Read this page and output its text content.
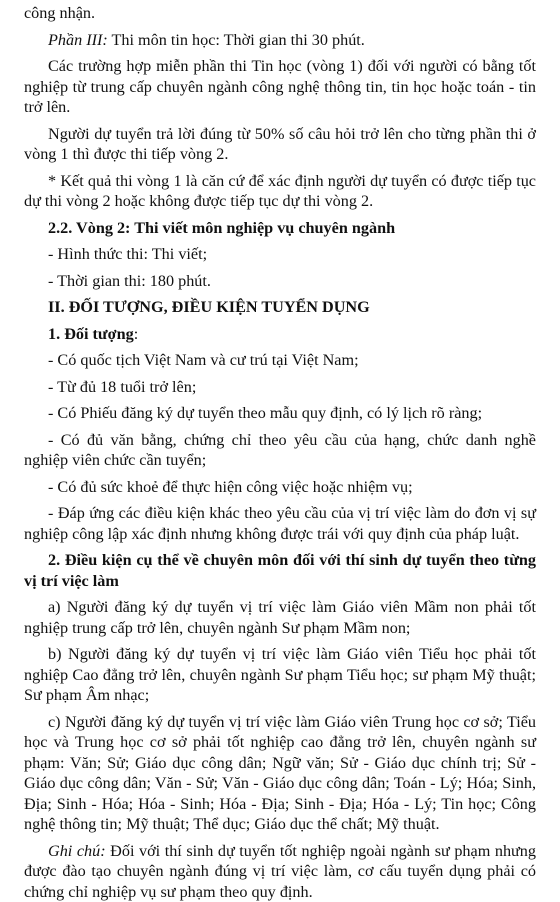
công nhận.

Phần III: Thi môn tin học: Thời gian thi 30 phút.

Các trường hợp miễn phần thi Tin học (vòng 1) đối với người có bằng tốt nghiệp từ trung cấp chuyên ngành công nghệ thông tin, tin học hoặc toán - tin trở lên.

Người dự tuyển trả lời đúng từ 50% số câu hỏi trở lên cho từng phần thi ở vòng 1 thì được thi tiếp vòng 2.

* Kết quả thi vòng 1 là căn cứ để xác định người dự tuyển có được tiếp tục dự thi vòng 2 hoặc không được tiếp tục dự thi vòng 2.

2.2. Vòng 2: Thi viết môn nghiệp vụ chuyên ngành

- Hình thức thi: Thi viết;

- Thời gian thi: 180 phút.

II. ĐỐI TƯỢNG, ĐIỀU KIỆN TUYỂN DỤNG

1. Đối tượng:

- Có quốc tịch Việt Nam và cư trú tại Việt Nam;

- Từ đủ 18 tuổi trở lên;

- Có Phiếu đăng ký dự tuyển theo mẫu quy định, có lý lịch rõ ràng;

- Có đủ văn bằng, chứng chỉ theo yêu cầu của hạng, chức danh nghề nghiệp viên chức cần tuyển;

- Có đủ sức khoẻ để thực hiện công việc hoặc nhiệm vụ;

- Đáp ứng các điều kiện khác theo yêu cầu của vị trí việc làm do đơn vị sự nghiệp công lập xác định nhưng không được trái với quy định của pháp luật.

2. Điều kiện cụ thể về chuyên môn đối với thí sinh dự tuyển theo từng vị trí việc làm

a) Người đăng ký dự tuyển vị trí việc làm Giáo viên Mầm non phải tốt nghiệp trung cấp trở lên, chuyên ngành Sư phạm Mầm non;

b) Người đăng ký dự tuyển vị trí việc làm Giáo viên Tiểu học phải tốt nghiệp Cao đẳng trở lên, chuyên ngành Sư phạm Tiểu học; sư phạm Mỹ thuật; Sư phạm Âm nhạc;

c) Người đăng ký dự tuyển vị trí việc làm Giáo viên Trung học cơ sở; Tiểu học và Trung học cơ sở phải tốt nghiệp cao đẳng trở lên, chuyên ngành sư phạm: Văn; Sử; Giáo dục công dân; Ngữ văn; Sử - Giáo dục chính trị; Sử - Giáo dục công dân; Văn - Sử; Văn - Giáo dục công dân; Toán - Lý; Hóa; Sinh, Địa; Sinh - Hóa; Hóa - Sinh; Hóa - Địa; Sinh - Địa; Hóa - Lý; Tin học; Công nghệ thông tin; Mỹ thuật; Thể dục; Giáo dục thể chất; Mỹ thuật.

Ghi chú: Đối với thí sinh dự tuyển tốt nghiệp ngoài ngành sư phạm nhưng được đào tạo chuyên ngành đúng vị trí việc làm, cơ cấu tuyển dụng phải có chứng chỉ nghiệp vụ sư phạm theo quy định.
